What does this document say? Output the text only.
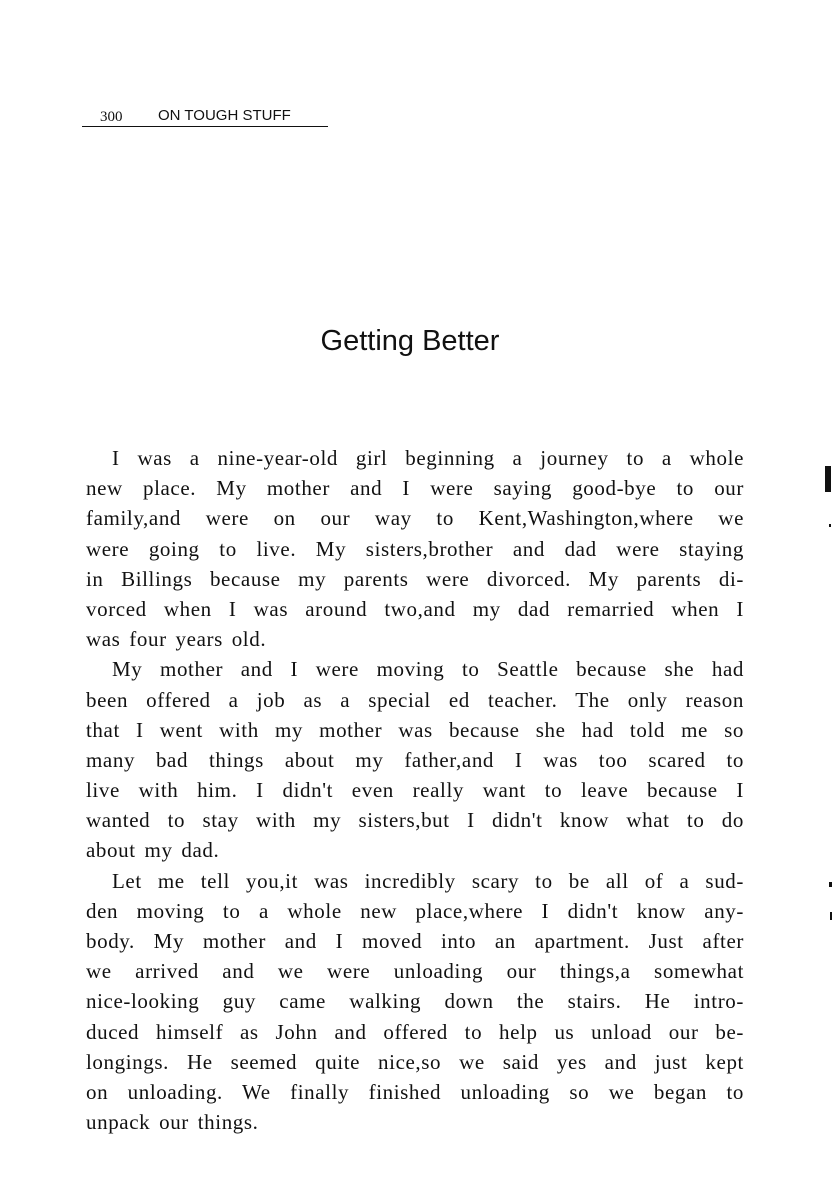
300 ON TOUGH STUFF
Getting Better
I was a nine-year-old girl beginning a journey to a whole
new place. My mother and I were saying good-bye to our
family,and were on our way to Kent,Washington,where we
were going to live. My sisters,brother and dad were staying
in Billings because my parents were divorced. My parents di-
vorced when I was around two,and my dad remarried when I
was four years old.
My mother and I were moving to Seattle because she had
been offered a job as a special ed teacher. The only reason
that I went with my mother was because she had told me so
many bad things about my father,and I was too scared to
live with him. I didn't even really want to leave because I
wanted to stay with my sisters,but I didn't know what to do
about my dad.
Let me tell you,it was incredibly scary to be all of a sud-
den moving to a whole new place,where I didn't know any-
body. My mother and I moved into an apartment. Just after
we arrived and we were unloading our things,a somewhat
nice-looking guy came walking down the stairs. He intro-
duced himself as John and offered to help us unload our be-
longings. He seemed quite nice,so we said yes and just kept
on unloading. We finally finished unloading so we began to
unpack our things.
